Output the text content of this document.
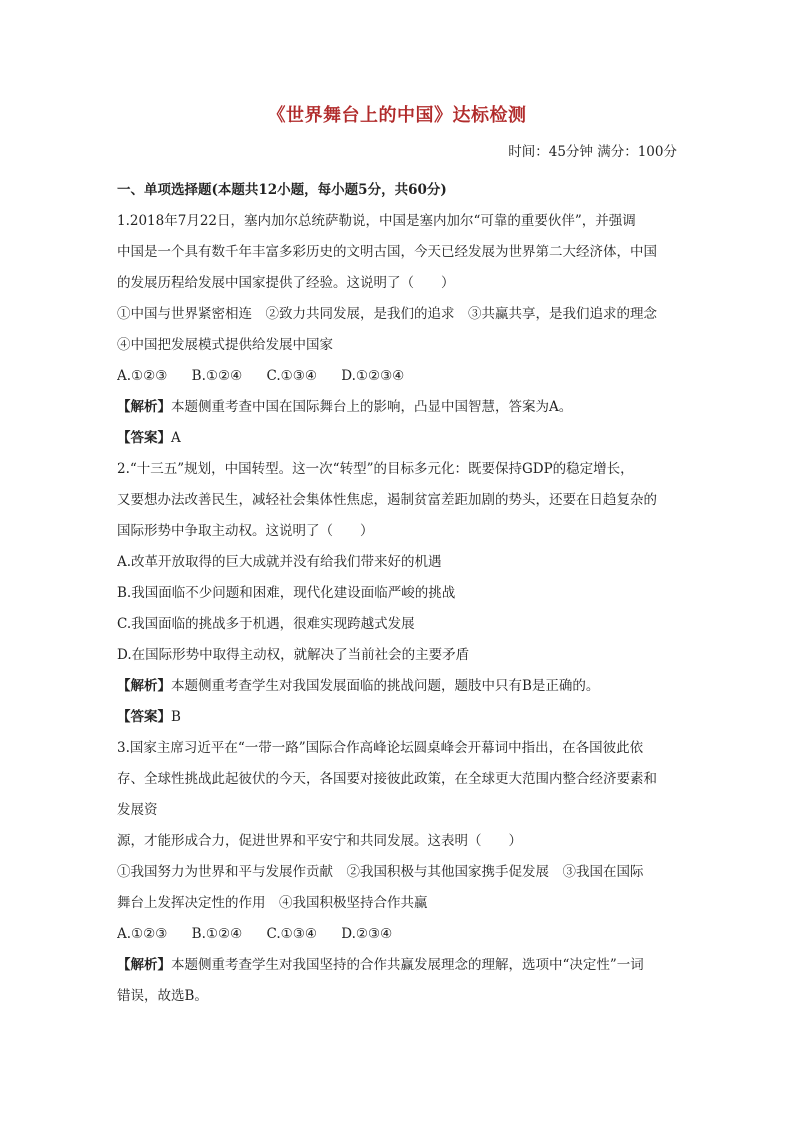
《世界舞台上的中国》达标检测
时间：45分钟 满分：100分
一、单项选择题(本题共12小题，每小题5分，共60分)
1.2018年7月22日，塞内加尔总统萨勒说，中国是塞内加尔“可靠的重要伙伴”，并强调
中国是一个具有数千年丰富多彩历史的文明古国，今天已经发展为世界第二大经济体，中国
的发展历程给发展中国家提供了经验。这说明了（　　）
①中国与世界紧密相连　②致力共同发展，是我们的追求　③共赢共享，是我们追求的理念
④中国把发展模式提供给发展中国家
A.①②③ B.①②④ C.①③④ D.①②③④
【解析】本题侧重考查中国在国际舞台上的影响，凸显中国智慧，答案为A。
【答案】A
2.“十三五”规划，中国转型。这一次“转型”的目标多元化：既要保持GDP的稳定增长，
又要想办法改善民生，减轻社会集体性焦虑，遏制贫富差距加剧的势头，还要在日趋复杂的
国际形势中争取主动权。这说明了（　　）
A.改革开放取得的巨大成就并没有给我们带来好的机遇
B.我国面临不少问题和困难，现代化建设面临严峻的挑战
C.我国面临的挑战多于机遇，很难实现跨越式发展
D.在国际形势中取得主动权，就解决了当前社会的主要矛盾
【解析】本题侧重考查学生对我国发展面临的挑战问题，题肢中只有B是正确的。
【答案】B
3.国家主席习近平在“一带一路”国际合作高峰论坛圆桌峰会开幕词中指出，在各国彼此依
存、全球性挑战此起彼伏的今天，各国要对接彼此政策，在全球更大范围内整合经济要素和
发展资
源，才能形成合力，促进世界和平安宁和共同发展。这表明（　　）
①我国努力为世界和平与发展作贡献　②我国积极与其他国家携手促发展　③我国在国际
舞台上发挥决定性的作用　④我国积极坚持合作共赢
A.①②③ B.①②④ C.①③④ D.②③④
【解析】本题侧重考查学生对我国坚持的合作共赢发展理念的理解，选项中“决定性”一词
错误，故选B。
